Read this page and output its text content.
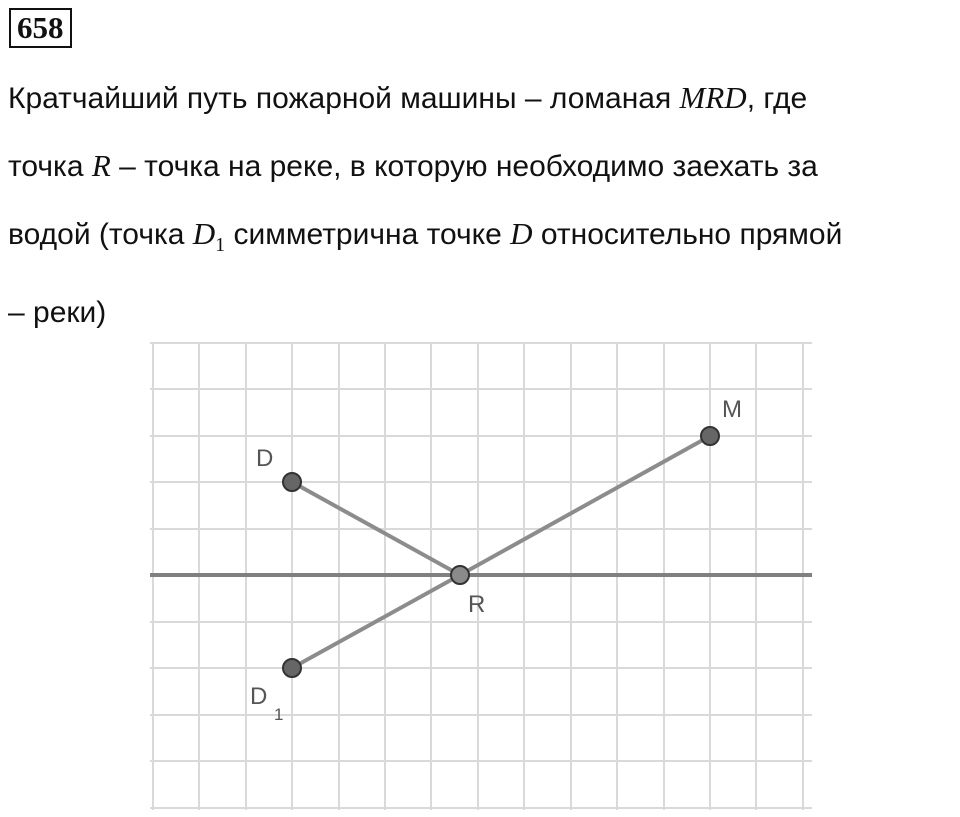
658

Кратчайший путь пожарной машины – ломаная MRD, где

точка R – точка на реке, в которую необходимо заехать за

водой (точка $D_1$ симметрична точке D относительно прямой

– реки)

D
M
R
D
1
